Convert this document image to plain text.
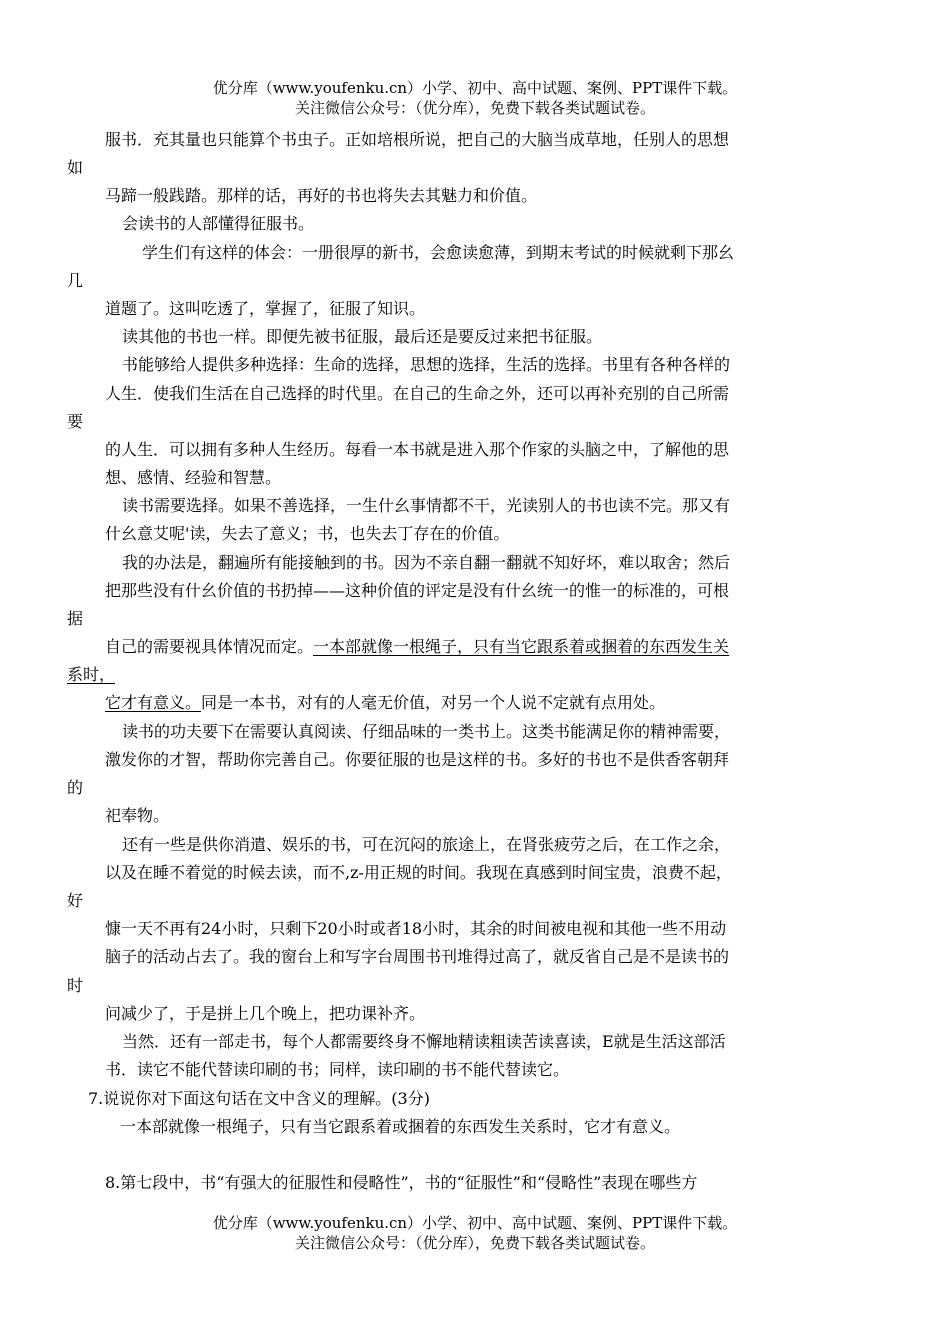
优分库（www.youfenku.cn）小学、初中、高中试题、案例、PPT课件下载。
关注微信公众号：（优分库），免费下载各类试题试卷。
服书．充其量也只能算个书虫子。正如培根所说，把自己的大脑当成草地，任别人的思想
如
马蹄一般践踏。那样的话，再好的书也将失去其魅力和价值。
会读书的人部懂得征服书。
学生们有这样的体会：一册很厚的新书，会愈读愈薄，到期末考试的时候就剩下那幺
几
道题了。这叫吃透了，掌握了，征服了知识。
读其他的书也一样。即便先被书征服，最后还是要反过来把书征服。
书能够给人提供多种选择：生命的选择，思想的选择，生活的选择。书里有各种各样的
人生．使我们生活在自己选择的时代里。在自己的生命之外，还可以再补充别的自己所需
要
的人生．可以拥有多种人生经历。每看一本书就是进入那个作家的头脑之中，了解他的思
想、感情、经验和智慧。
读书需要选择。如果不善选择，一生什幺事情都不干，光读别人的书也读不完。那又有
什幺意艾呢'读，失去了意义；书，也失去丁存在的价值。
我的办法是，翻遍所有能接触到的书。因为不亲自翻一翻就不知好坏，难以取舍；然后
把那些没有什幺价值的书扔掉——这种价值的评定是没有什幺统一的惟一的标准的，可根
据
自己的需要视具体情况而定。一本部就像一根绳子，只有当它跟系着或捆着的东西发生关
系时，
它才有意义。同是一本书，对有的人毫无价值，对另一个人说不定就有点用处。
读书的功夫要下在需要认真阅读、仔细品味的一类书上。这类书能满足你的精神需要，
激发你的才智，帮助你完善自己。你要征服的也是这样的书。多好的书也不是供香客朝拜
的
祀奉物。
还有一些是供你消遣、娱乐的书，可在沉闷的旅途上，在肾张疲劳之后，在工作之余，
以及在睡不着觉的时候去读，而不,z-用正规的时间。我现在真感到时间宝贵，浪费不起，
好
慷一天不再有24小时，只剩下20小时或者18小时，其余的时间被电视和其他一些不用动
脑子的活动占去了。我的窗台上和写字台周围书刊堆得过高了，就反省自己是不是读书的
时
问减少了，于是拼上几个晚上，把功课补齐。
当然．还有一部走书，每个人都需要终身不懈地精读粗读苦读喜读，E就是生活这部活
书．读它不能代替读印刷的书；同样，读印刷的书不能代替读它。
7.说说你对下面这句话在文中含义的理解。(3分)
一本部就像一根绳子，只有当它跟系着或捆着的东西发生关系时，它才有意义。
8.第七段中，书“有强大的征服性和侵略性”，书的“征服性”和“侵略性”表现在哪些方
优分库（www.youfenku.cn）小学、初中、高中试题、案例、PPT课件下载。
关注微信公众号：（优分库），免费下载各类试题试卷。
